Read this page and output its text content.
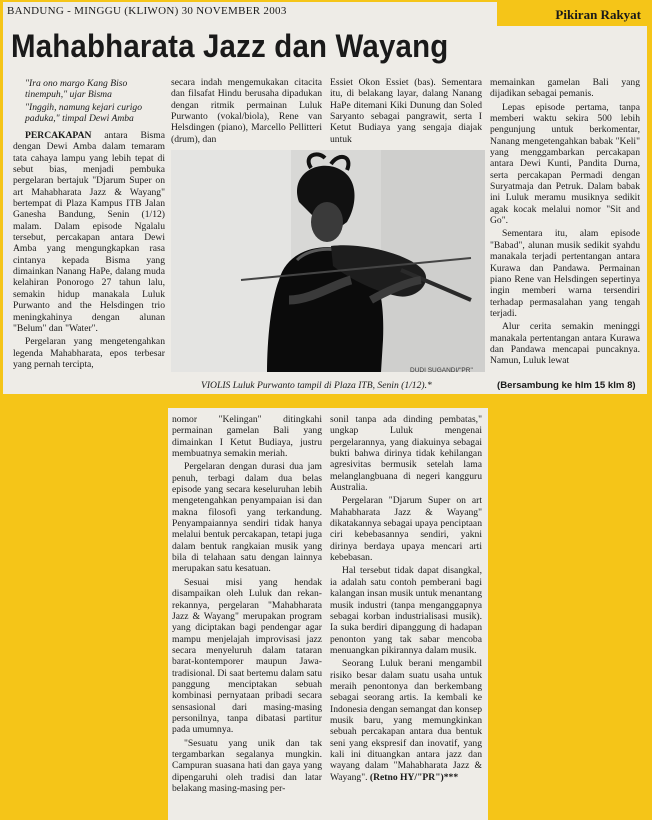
BANDUNG - MINGGU (KLIWON) 30 NOVEMBER 2003	Pikiran Rakyat
Mahabharata Jazz dan Wayang

"Ira ono margo Kang Biso tinempuh," ujar Bisma

"Inggih, namung kejari curigo paduka," timpal Dewi Amba

PERCAKAPAN antara Bisma dengan Dewi Amba dalam temaram tata cahaya lampu yang lebih tepat di sebut bias, menjadi pembuka pergelaran bertajuk "Djarum Super on art Mahabharata Jazz & Wayang" bertempat di Plaza Kampus ITB Jalan Ganesha Bandung, Senin (1/12) malam. Dalam episode Ngalalu tersebut, percakapan antara Dewi Amba yang mengungkapkan rasa cintanya kepada Bisma yang dimainkan Nanang HaPe, dalang muda kelahiran Ponorogo 27 tahun lalu, semakin hidup manakala Luluk Purwanto and the Helsdingen trio meningkahinya dengan alunan "Belum" dan "Water".

Pergelaran yang mengetengahkan legenda Mahabharata, epos terbesar yang pernah tercipta,

secara indah mengemukakan citacita dan filsafat Hindu berusaha dipadukan dengan ritmik permainan Luluk Purwanto (vokal/biola), Rene van Helsdingen (piano), Marcello Pellitteri (drum), dan

Essiet Okon Essiet (bas). Sementara itu, di belakang layar, dalang Nanang HaPe ditemani Kiki Dunung dan Soled Saryanto sebagai pangrawit, serta I Ketut Budiaya yang sengaja diajak untuk

memainkan gamelan Bali yang dijadikan sebagai pemanis.

Lepas episode pertama, tanpa memberi waktu sekira 500 lebih pengunjung untuk berkomentar, Nanang mengetengahkan babak "Keli" yang menggambarkan percakapan antara Dewi Kunti, Pandita Durna, serta percakapan Permadi dengan Suryatmaja dan Petruk. Dalam babak ini Luluk meramu musiknya sedikit agak kocak melalui nomor "Sit and Go".

Sementara itu, alam episode "Babad", alunan musik sedikit syahdu manakala terjadi pertentangan antara Kurawa dan Pandawa. Permainan piano Rene van Helsdingen sepertinya ingin memberi warna tersendiri terhadap permasalahan yang tengah terjadi.

Alur cerita semakin meninggi manakala pertentangan antara Kurawa dan Pandawa mencapai puncaknya. Namun, Luluk lewat

DUDI SUGANDI/"PR"
VIOLIS Luluk Purwanto tampil di Plaza ITB, Senin (1/12).*	(Bersambung ke hlm 15 klm 8)

nomor "Kelingan" ditingkahi permainan gamelan Bali yang dimainkan I Ketut Budiaya, justru membuatnya semakin meriah.

Pergelaran dengan durasi dua jam penuh, terbagi dalam dua belas episode yang secara keseluruhan lebih mengetengahkan penyampaian isi dan makna filosofi yang terkandung. Penyampaiannya sendiri tidak hanya melalui bentuk percakapan, tetapi juga dalam bentuk rangkaian musik yang bila di telahaan satu dengan lainnya merupakan satu kesatuan.

Sesuai misi yang hendak disampaikan oleh Luluk dan rekan-rekannya, pergelaran "Mahabharata Jazz & Wayang" merupakan program yang diciptakan bagi pendengar agar mampu menjelajah improvisasi jazz secara menyeluruh dalam tataran barat-kontemporer maupun Jawa-tradisional. Di saat bertemu dalam satu panggung menciptakan sebuah kombinasi pernyataan pribadi secara sensasional dari masing-masing personilnya, tanpa dibatasi partitur pada umumnya.

"Sesuatu yang unik dan tak tergambarkan segalanya mungkin. Campuran suasana hati dan gaya yang dipengaruhi oleh tradisi dan latar belakang masing-masing per-

sonil tanpa ada dinding pembatas," ungkap Luluk mengenai pergelarannya, yang diakuinya sebagai bukti bahwa dirinya tidak kehilangan agresivitas bermusik setelah lama melanglangbuana di negeri kangguru Australia.

Pergelaran "Djarum Super on art Mahabharata Jazz & Wayang" dikatakannya sebagai upaya penciptaan ciri kebebasannya sendiri, yakni dirinya berdaya upaya mencari arti kebebasan.

Hal tersebut tidak dapat disangkal, ia adalah satu contoh pemberani bagi kalangan insan musik untuk menantang musik industri (tanpa menganggapnya sebagai korban industrialisasi musik). Ia suka berdiri dipanggung di hadapan penonton yang tak sabar mencoba menuangkan pikirannya dalam musik.

Seorang Luluk berani mengambil risiko besar dalam suatu usaha untuk meraih penontonya dan berkembang sebagai seorang artis. Ia kembali ke Indonesia dengan semangat dan konsep musik baru, yang memungkinkan sebuah percakapan antara dua bentuk seni yang ekspresif dan inovatif, yang kali ini dituangkan antara jazz dan wayang dalam "Mahabharata Jazz & Wayang". (Retno HY/"PR")***
